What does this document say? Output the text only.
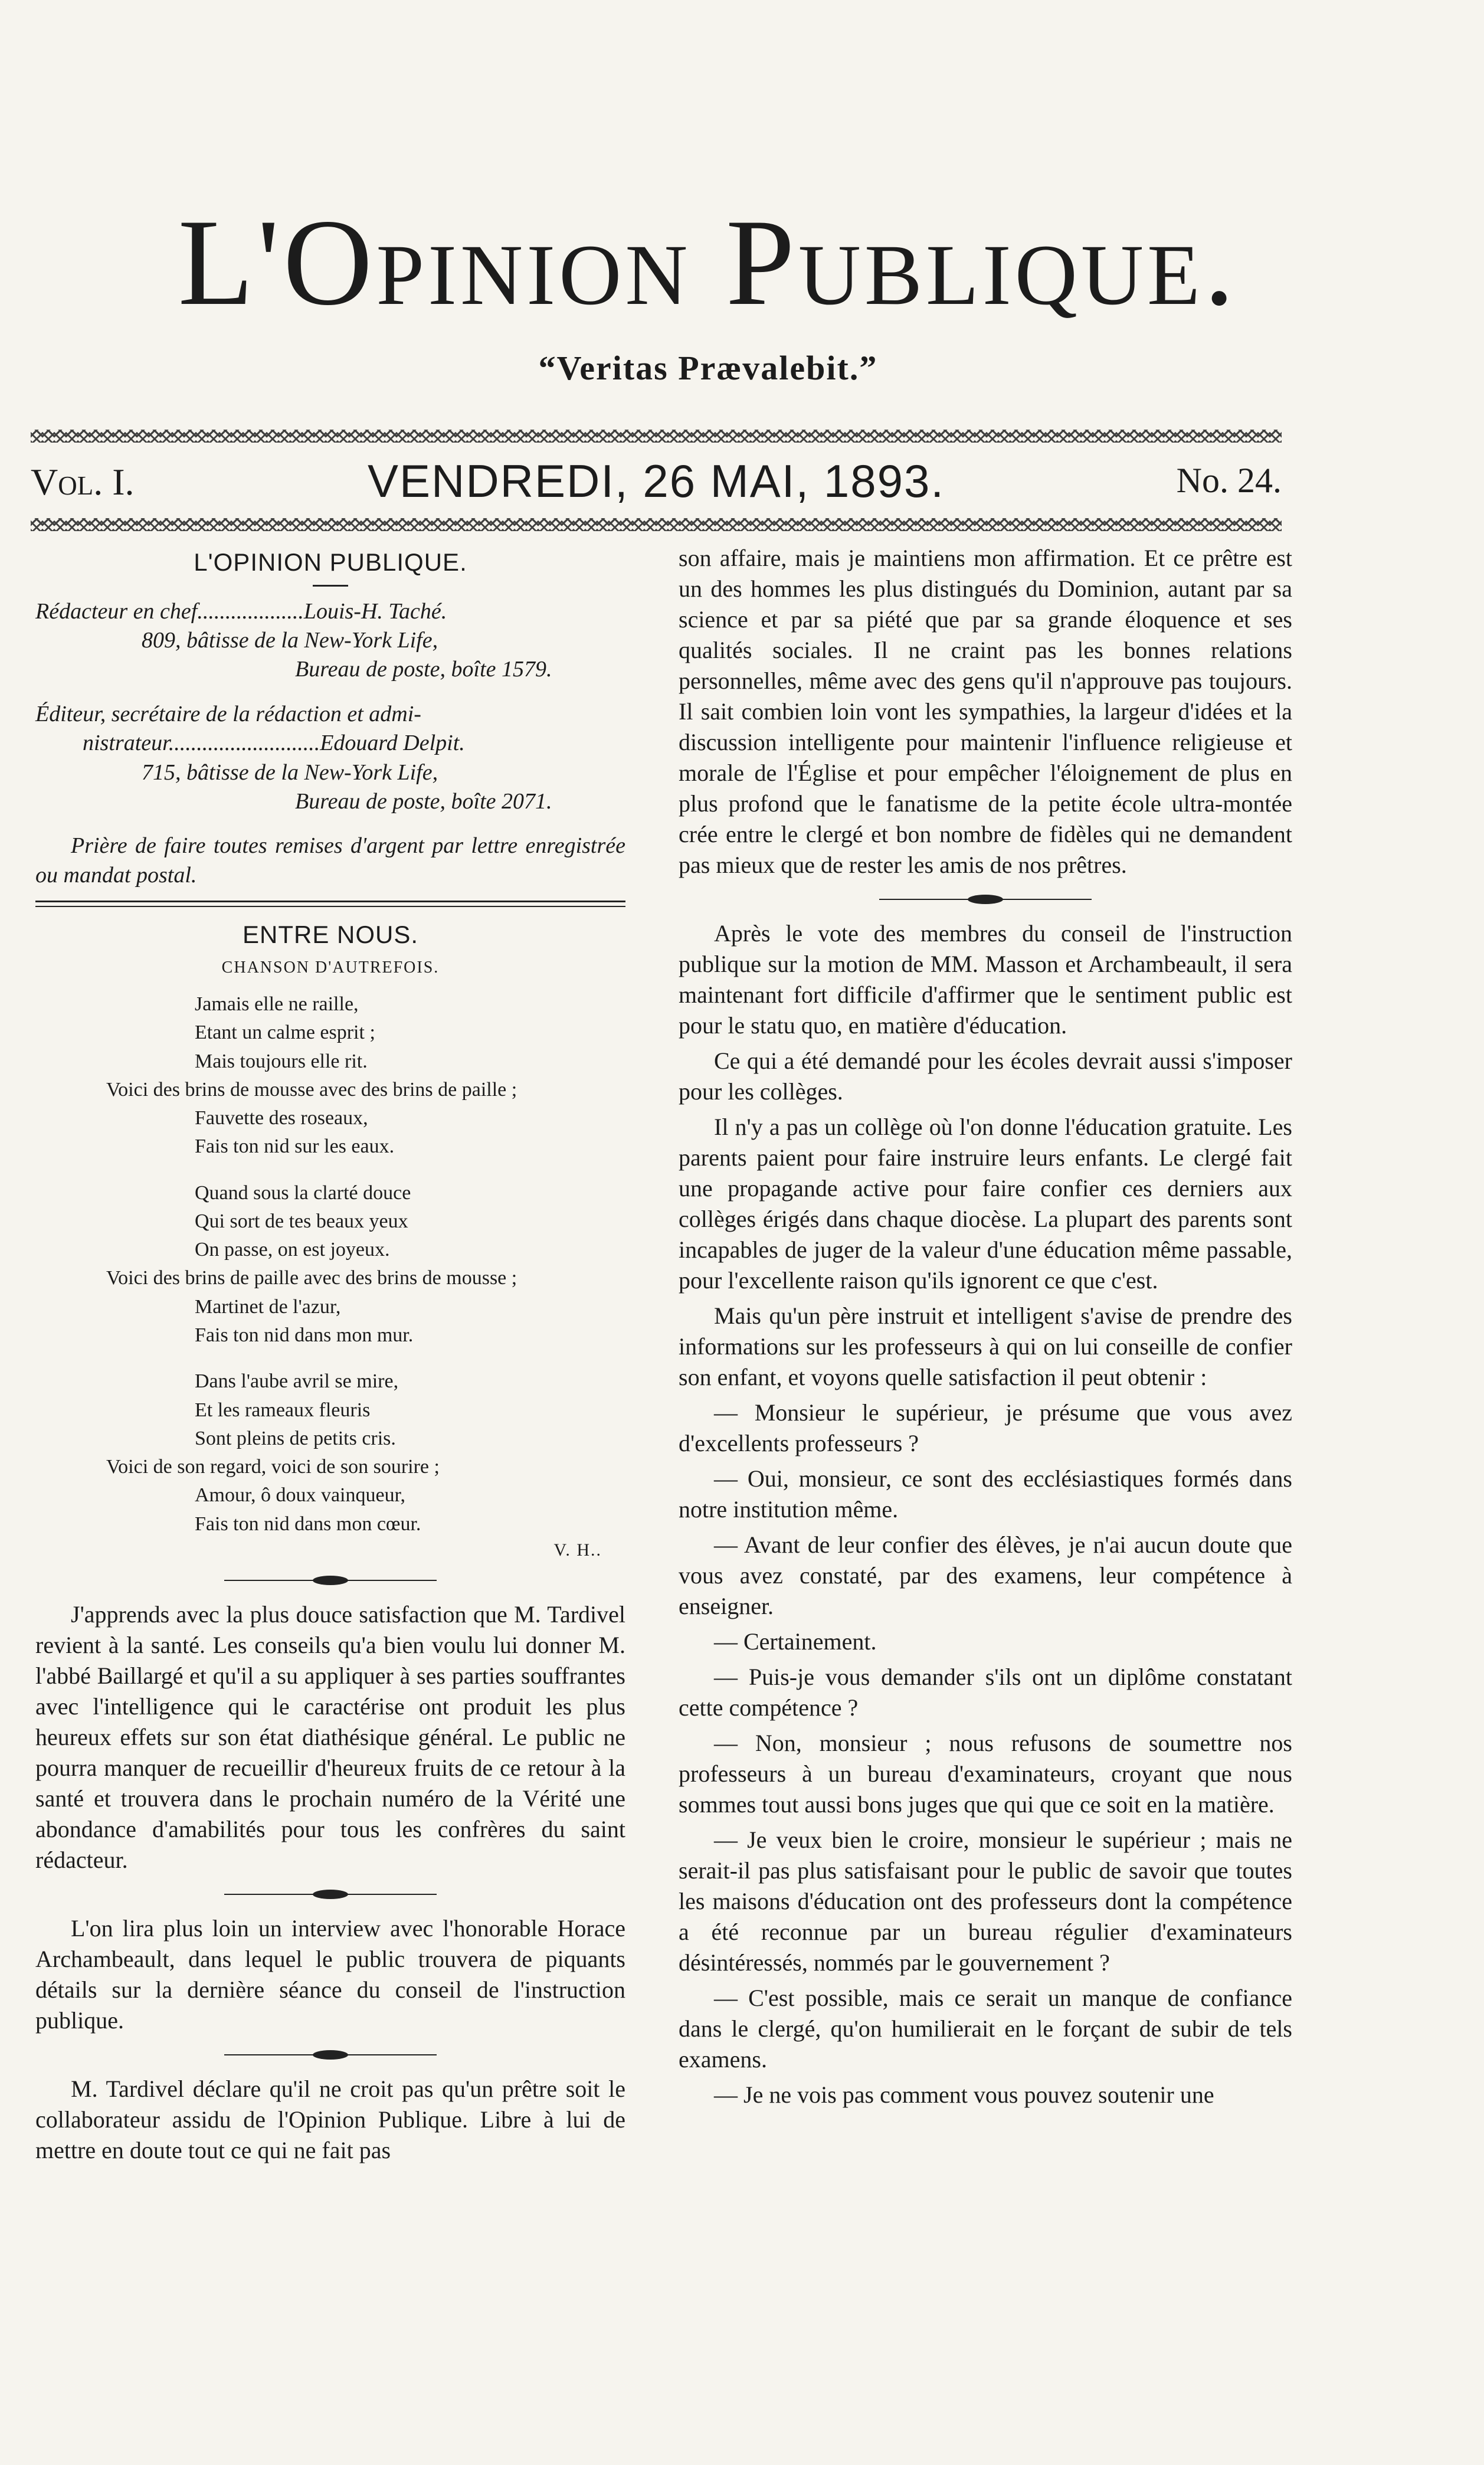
L'Opinion Publique.
“Veritas Prævalebit.”
Vol. I.	VENDREDI, 26 MAI, 1893.	No. 24.
L'OPINION PUBLIQUE.
Rédacteur en chef...................Louis-H. Taché.
809, bâtisse de la New-York Life,
Bureau de poste, boîte 1579.
Éditeur, secrétaire de la rédaction et admi-
nistrateur...........................Edouard Delpit.
715, bâtisse de la New-York Life,
Bureau de poste, boîte 2071.

Prière de faire toutes remises d'argent par lettre enregistrée ou mandat postal.

ENTRE NOUS.
CHANSON D'AUTREFOIS.
Jamais elle ne raille,
Etant un calme esprit ;
Mais toujours elle rit.
Voici des brins de mousse avec des brins de paille ;
Fauvette des roseaux,
Fais ton nid sur les eaux.
Quand sous la clarté douce
Qui sort de tes beaux yeux
On passe, on est joyeux.
Voici des brins de paille avec des brins de mousse ;
Martinet de l'azur,
Fais ton nid dans mon mur.
Dans l'aube avril se mire,
Et les rameaux fleuris
Sont pleins de petits cris.
Voici de son regard, voici de son sourire ;
Amour, ô doux vainqueur,
Fais ton nid dans mon cœur.
V. H..

J'apprends avec la plus douce satisfaction que M. Tardivel revient à la santé. Les conseils qu'a bien voulu lui donner M. l'abbé Baillargé et qu'il a su appliquer à ses parties souffrantes avec l'intelligence qui le caractérise ont produit les plus heureux effets sur son état diathésique général. Le public ne pourra manquer de recueillir d'heureux fruits de ce retour à la santé et trouvera dans le prochain numéro de la Vérité une abondance d'amabilités pour tous les confrères du saint rédacteur.

L'on lira plus loin un interview avec l'honorable Horace Archambeault, dans lequel le public trouvera de piquants détails sur la dernière séance du conseil de l'instruction publique.

M. Tardivel déclare qu'il ne croit pas qu'un prêtre soit le collaborateur assidu de l'Opinion Publique. Libre à lui de mettre en doute tout ce qui ne fait pas

son affaire, mais je maintiens mon affirmation. Et ce prêtre est un des hommes les plus distingués du Dominion, autant par sa science et par sa piété que par sa grande éloquence et ses qualités sociales. Il ne craint pas les bonnes relations personnelles, même avec des gens qu'il n'approuve pas toujours. Il sait combien loin vont les sympathies, la largeur d'idées et la discussion intelligente pour maintenir l'influence religieuse et morale de l'Église et pour empêcher l'éloignement de plus en plus profond que le fanatisme de la petite école ultra-montée crée entre le clergé et bon nombre de fidèles qui ne demandent pas mieux que de rester les amis de nos prêtres.

Après le vote des membres du conseil de l'instruction publique sur la motion de MM. Masson et Archambeault, il sera maintenant fort difficile d'affirmer que le sentiment public est pour le statu quo, en matière d'éducation.

Ce qui a été demandé pour les écoles devrait aussi s'imposer pour les collèges.

Il n'y a pas un collège où l'on donne l'éducation gratuite. Les parents paient pour faire instruire leurs enfants. Le clergé fait une propagande active pour faire confier ces derniers aux collèges érigés dans chaque diocèse. La plupart des parents sont incapables de juger de la valeur d'une éducation même passable, pour l'excellente raison qu'ils ignorent ce que c'est.

Mais qu'un père instruit et intelligent s'avise de prendre des informations sur les professeurs à qui on lui conseille de confier son enfant, et voyons quelle satisfaction il peut obtenir :

— Monsieur le supérieur, je présume que vous avez d'excellents professeurs ?

— Oui, monsieur, ce sont des ecclésiastiques formés dans notre institution même.

— Avant de leur confier des élèves, je n'ai aucun doute que vous avez constaté, par des examens, leur compétence à enseigner.

— Certainement.

— Puis-je vous demander s'ils ont un diplôme constatant cette compétence ?

— Non, monsieur ; nous refusons de soumettre nos professeurs à un bureau d'examinateurs, croyant que nous sommes tout aussi bons juges que qui que ce soit en la matière.

— Je veux bien le croire, monsieur le supérieur ; mais ne serait-il pas plus satisfaisant pour le public de savoir que toutes les maisons d'éducation ont des professeurs dont la compétence a été reconnue par un bureau régulier d'examinateurs désintéressés, nommés par le gouvernement ?

— C'est possible, mais ce serait un manque de confiance dans le clergé, qu'on humilierait en le forçant de subir de tels examens.

— Je ne vois pas comment vous pouvez soutenir une
